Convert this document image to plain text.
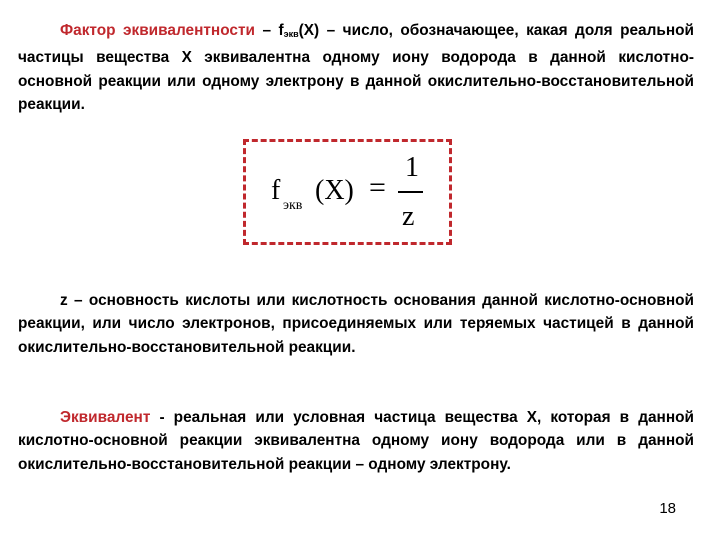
Фактор эквивалентности – $f_{экв}(X)$ – число, обозначающее, какая доля реальной частицы вещества Х эквивалентна одному иону водорода в данной кислотно-основной реакции или одному электрону в данной окислительно-восстановительной реакции.

f экв (X) =
1
z

z – основность кислоты или кислотность основания данной кислотно-основной реакции, или число электронов, присоединяемых или теряемых частицей в данной окислительно-восстановительной реакции.

Эквивалент - реальная или условная частица вещества Х, которая в данной кислотно-основной реакции эквивалентна одному иону водорода или в данной окислительно-восстановительной реакции – одному электрону.

18
